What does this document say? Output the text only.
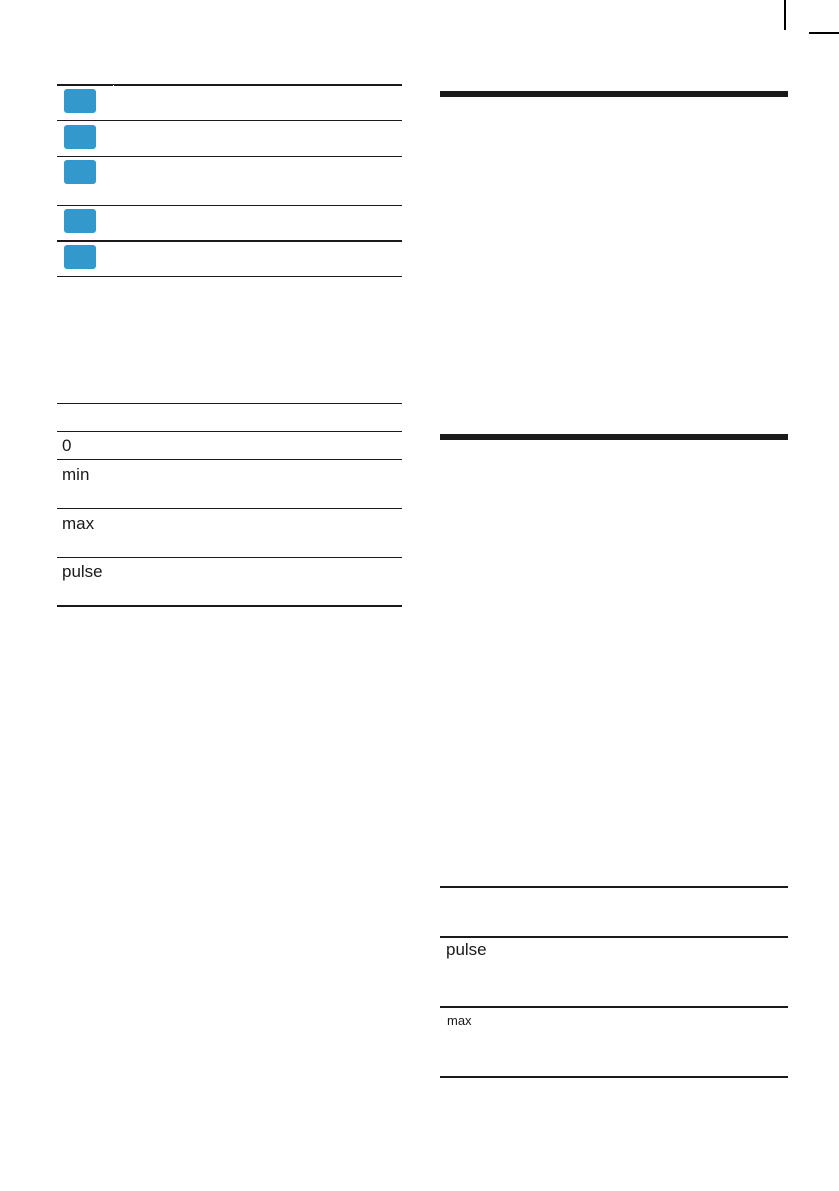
0
min
max
pulse
pulse
max
